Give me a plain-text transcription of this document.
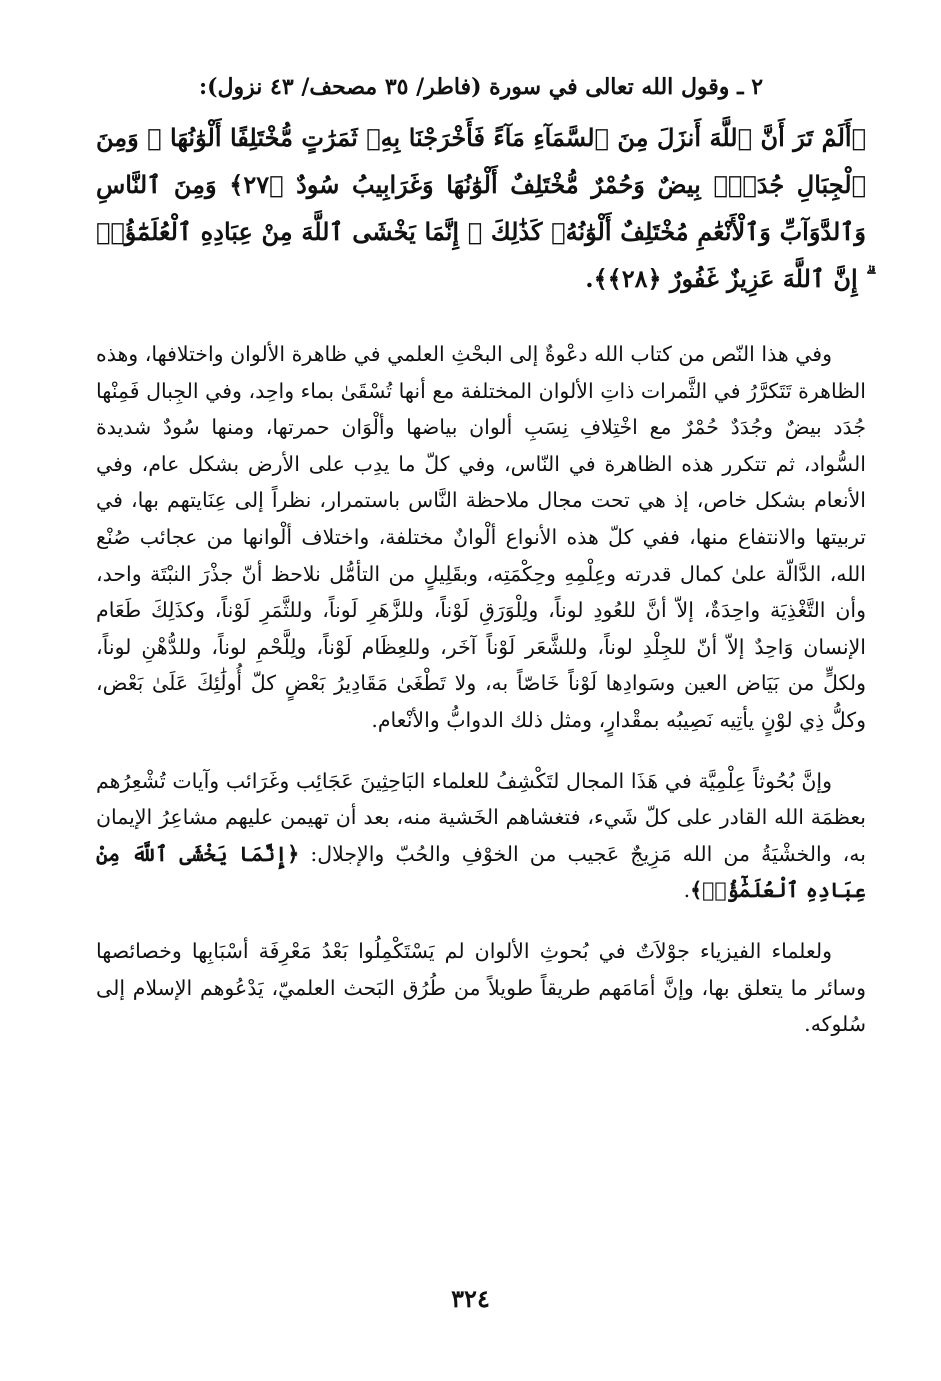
٢ ـ وقول الله تعالى في سورة (فاطر/ ٣٥ مصحف/ ٤٣ نزول):
﴿أَلَمْ تَرَ أَنَّ ٱللَّهَ أَنزَلَ مِنَ ٱلسَّمَآءِ مَآءً فَأَخْرَجْنَا بِهِۦ ثَمَرَٰتٍ مُّخْتَلِفًا أَلْوَٰنُهَا ۚ وَمِنَ ٱلْجِبَالِ جُدَدٌۢ بِيضٌ وَحُمْرٌ مُّخْتَلِفٌ أَلْوَٰنُهَا وَغَرَابِيبُ سُودٌ ﴿٢٧﴾ وَمِنَ ٱلنَّاسِ وَٱلدَّوَآبِّ وَٱلْأَنْعَٰمِ مُخْتَلِفٌ أَلْوَٰنُهُۥ كَذَٰلِكَ ۗ إِنَّمَا يَخْشَى ٱللَّهَ مِنْ عِبَادِهِ ٱلْعُلَمَٰٓؤُا۟ ۗ إِنَّ ٱللَّهَ عَزِيزٌ غَفُورٌ ﴿٢٨﴾﴾.

وفي هذا النّص من كتاب الله دعْوةٌ إلى البحْثِ العلمي في ظاهرة الألوان واختلافها، وهذه الظاهرة تَتَكرَّرُ في الثَّمرات ذاتِ الألوان المختلفة مع أنها تُسْقَىٰ بماء واحِد، وفي الجِبال فَمِنْها جُدَد بيضٌ وجُدَدٌ حُمْرٌ مع اخْتِلافِ نِسَبِ ألوان بياضها وألْوَان حمرتها، ومنها سُودٌ شديدة السُّواد، ثم تتكرر هذه الظاهرة في النّاس، وفي كلّ ما يدِب على الأرض بشكل عام، وفي الأنعام بشكل خاص، إذ هي تحت مجال ملاحظة النَّاس باستمرار، نظراً إلى عِنَايتهم بها، في تربيتها والانتفاع منها، ففي كلّ هذه الأنواع ألْوانٌ مختلفة، واختلاف ألْوانها من عجائب صُنْع الله، الدَّالّة علىٰ كمال قدرته وعِلْمِهِ وحِكْمَتِه، وبقَلِيلٍ من التأمُّل نلاحظ أنّ جذْرَ النبْتَة واحد، وأن التَّغْذِيَة واحِدَةٌ، إلاّ أنَّ للعُودِ لوناً، ولِلْوَرَقِ لَوْناً، وللزَّهَرِ لَوناً، وللثَّمَرِ لَوْناً، وكذَلِكَ طَعَام الإنسان وَاحِدٌ إلاّ أنّ للجِلْدِ لوناً، وللشَّعَر لَوْناً آخَر، وللعِظَام لَوْناً، ولِلَّحْمِ لوناً، وللدُّهْنِ لوناً، ولكلٍّ من بَيَاض العين وسَوادِها لَوْناً خَاصّاً به، ولا تَطْغَىٰ مَقَادِيرُ بَعْضٍ كلّ أُولَٰئِكَ عَلَىٰ بَعْض، وكلُّ ذِي لوْنٍ يأتِيه نَصِيبُه بمقْدارٍ، ومثل ذلك الدوابُّ والأنْعام.

وإنَّ بُحُوثاً عِلْمِيَّة في هَذَا المجال لتَكْشِفُ للعلماء البَاحِثِينَ عَجَائِب وغَرَائب وآيات تُشْعِرُهم بعظمَة الله القادر على كلّ شَيء، فتغشاهم الخَشية منه، بعد أن تهيمن عليهم مشاعِرُ الإيمان به، والخشْيَةُ من الله مَزِيجٌ عَجيب من الخوْفِ والحُبّ والإجلال: ﴿إِنَّمَا يَخْشَى ٱللَّهَ مِنْ عِبَادِهِ ٱلْعُلَمَٰٓؤُا۟﴾.

ولعلماء الفيزياء جوْلاَتٌ في بُحوثِ الألوان لم يَسْتَكْمِلُوا بَعْدُ مَعْرِفَة أسْبَابِها وخصائصها وسائر ما يتعلق بها، وإنَّ أمَامَهم طريقاً طويلاً من طُرُق البَحث العلميّ، يَدْعُوهم الإسلام إلى سُلوكه.

٣٢٤
